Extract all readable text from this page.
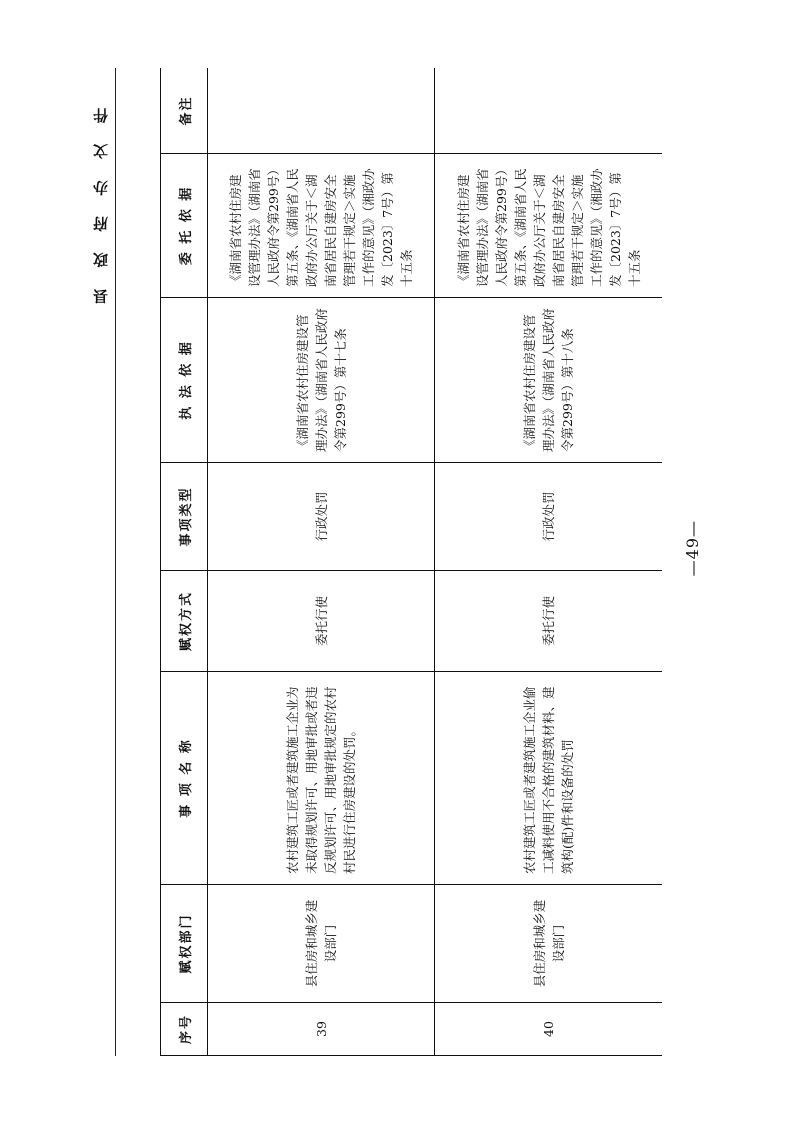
县 政 府 办 文 件
—49—
序号	赋权部门	事 项 名 称	赋权方式	事项类型	执 法 依 据	委 托 依 据	备注
39	县住房和城乡建设部门	农村建筑工匠或者建筑施工企业为未取得规划许可、用地审批或者违反规划许可、用地审批规定的农村村民进行住房建设的处罚。	委托行使	行政处罚	《湖南省农村住房建设管理办法》（湖南省人民政府令第299号）第十七条	《湖南省农村住房建设管理办法》（湖南省人民政府令第299号）第五条、《湖南省人民政府办公厅关于＜湖南省居民自建房安全管理若干规定＞实施工作的意见》（湘政办发〔2023〕7号）第十五条	
40	县住房和城乡建设部门	农村建筑工匠或者建筑施工企业偷工减料使用不合格的建筑材料、建筑构(配)件和设备的处罚	委托行使	行政处罚	《湖南省农村住房建设管理办法》（湖南省人民政府令第299号）第十八条	《湖南省农村住房建设管理办法》（湖南省人民政府令第299号）第五条、《湖南省人民政府办公厅关于＜湖南省居民自建房安全管理若干规定＞实施工作的意见》（湘政办发〔2023〕7号）第十五条	
